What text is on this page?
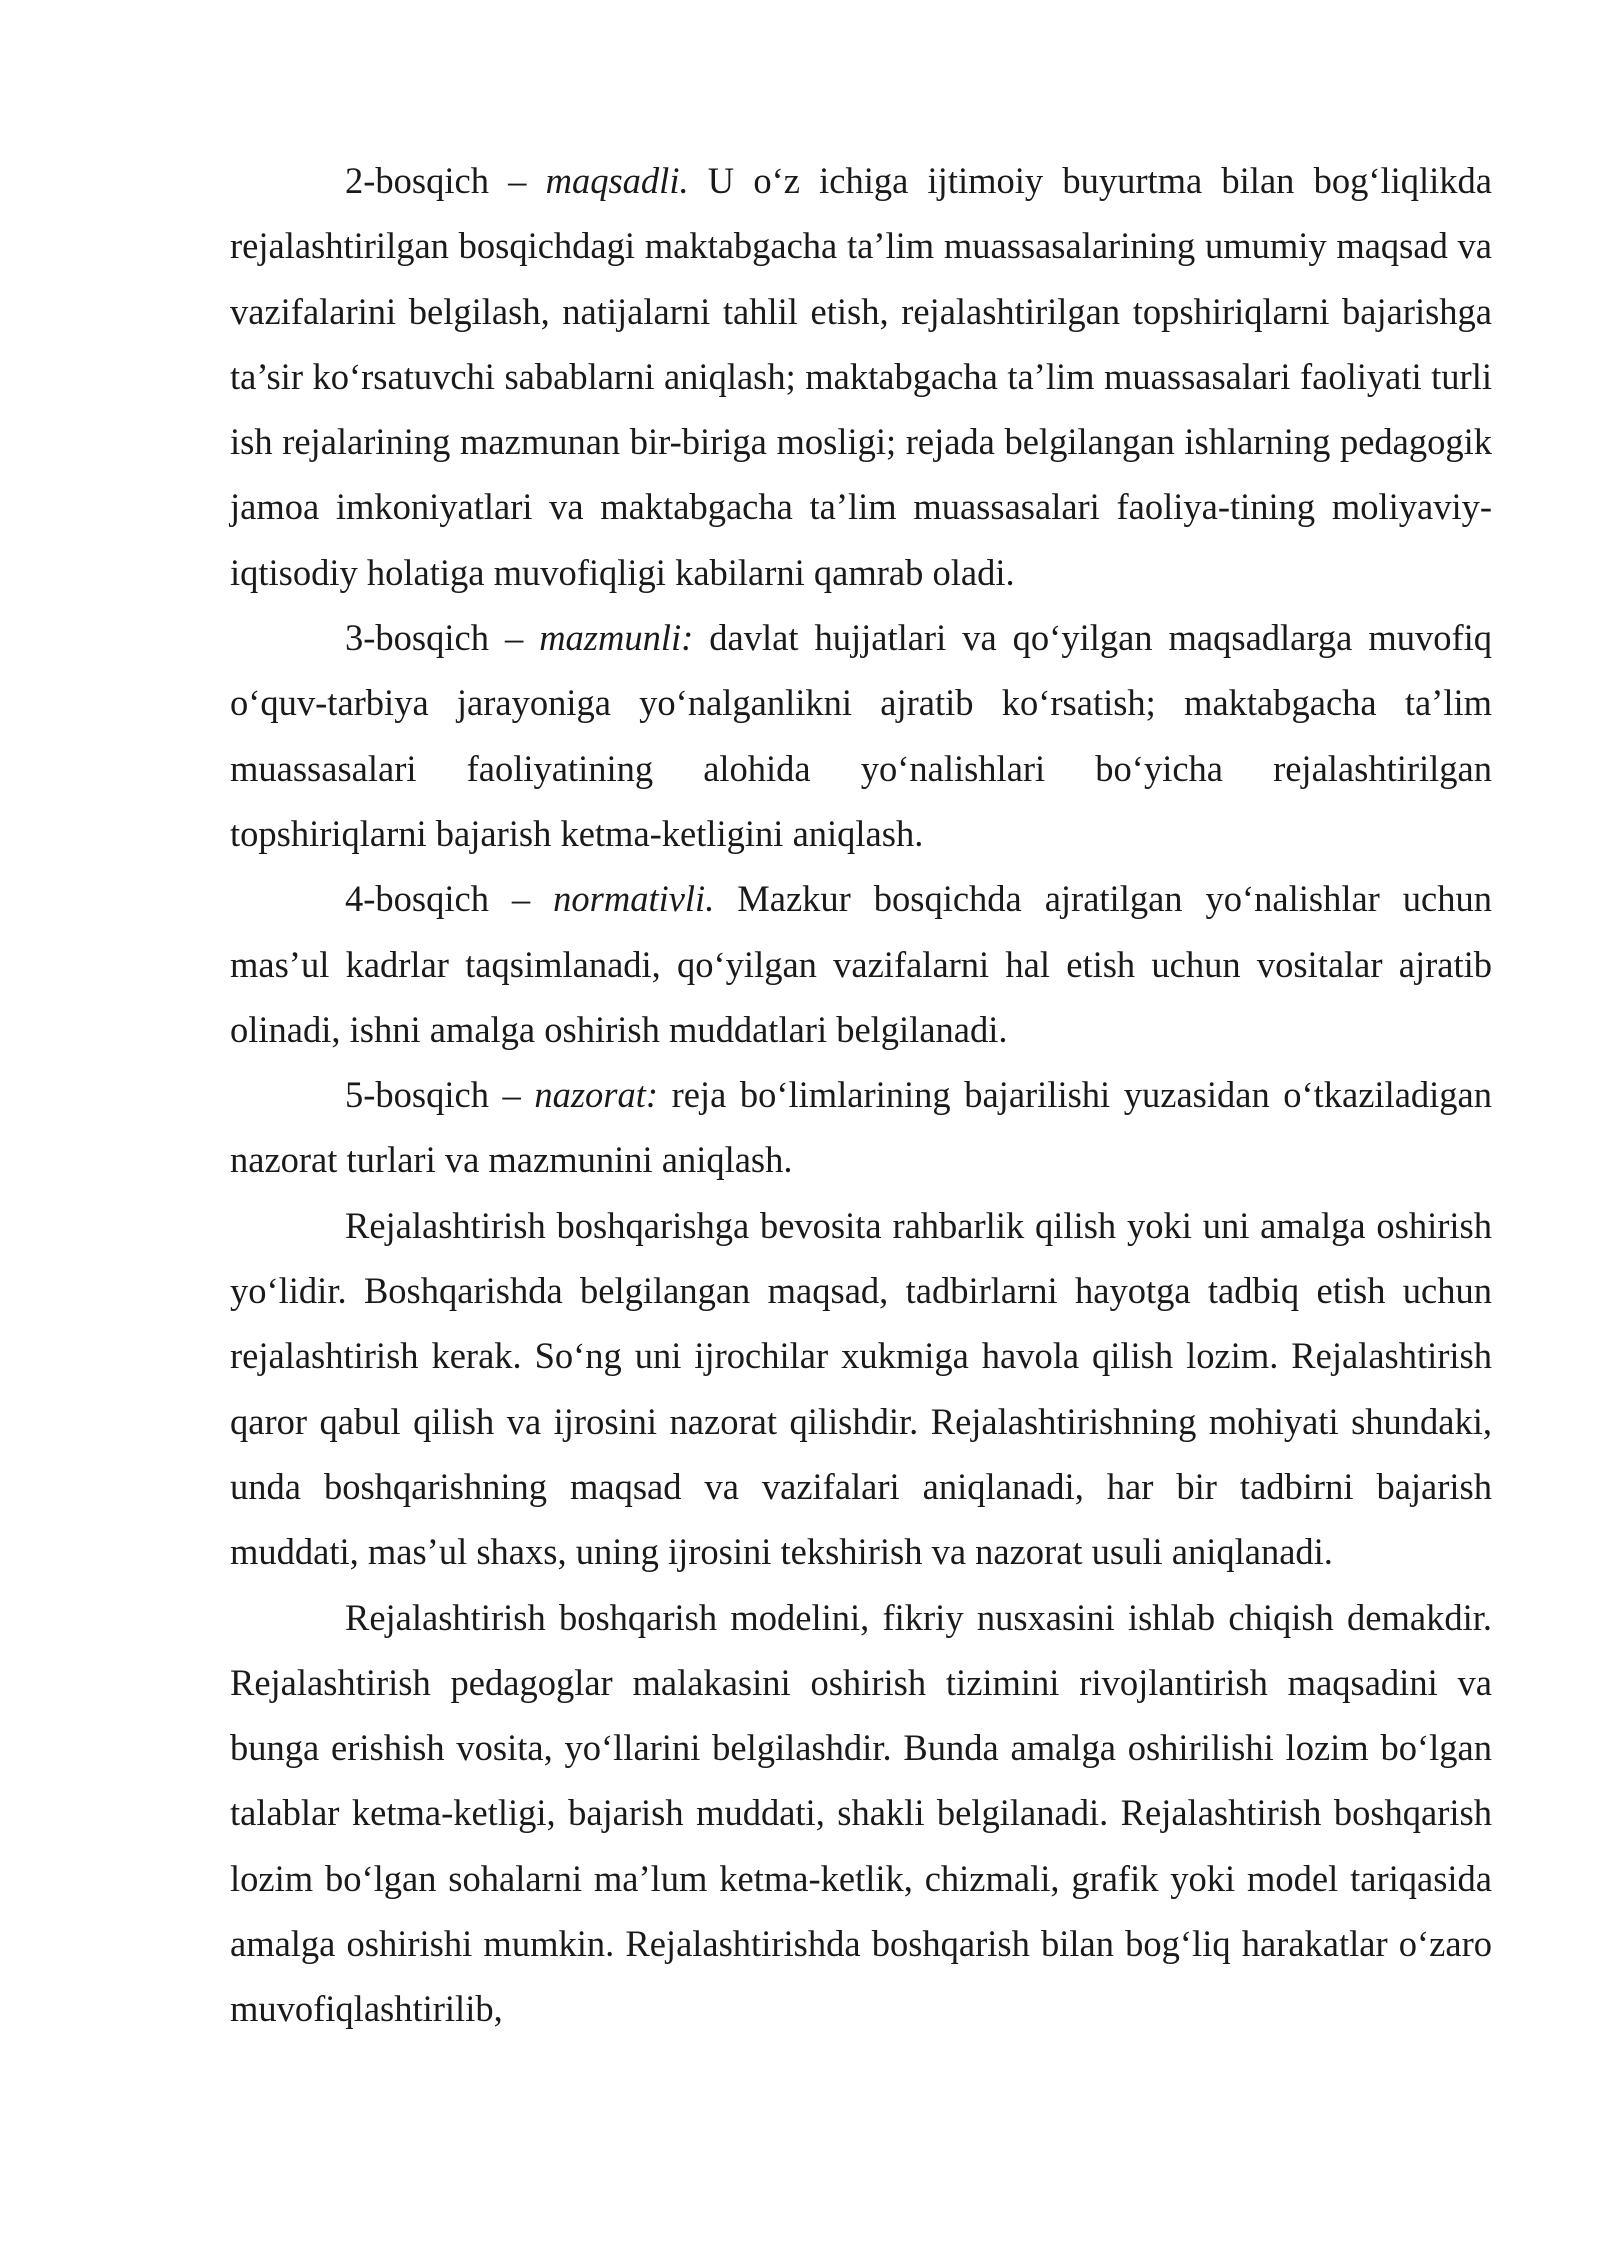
2-bosqich – maqsadli. U o‘z ichiga ijtimoiy buyurtma bilan bog‘liqlikda rejalashtirilgan bosqichdagi maktabgacha ta’lim muassasalarining umumiy maqsad va vazifalarini belgilash, natijalarni tahlil etish, rejalashtirilgan topshiriqlarni bajarishga ta’sir ko‘rsatuvchi sabablarni aniqlash; maktabgacha ta’lim muassasalari faoliyati turli ish rejalarining mazmunan bir-biriga mosligi; rejada belgilangan ishlarning pedagogik jamoa imkoniyatlari va maktabgacha ta’lim muassasalari faoliya-tining moliyaviy-iqtisodiy holatiga muvofiqligi kabilarni qamrab oladi.

3-bosqich – mazmunli: davlat hujjatlari va qo‘yilgan maqsadlarga muvofiq o‘quv-tarbiya jarayoniga yo‘nalganlikni ajratib ko‘rsatish; maktabgacha ta’lim muassasalari faoliyatining alohida yo‘nalishlari bo‘yicha rejalashtirilgan topshiriqlarni bajarish ketma-ketligini aniqlash.

4-bosqich – normativli. Mazkur bosqichda ajratilgan yo‘nalishlar uchun mas’ul kadrlar taqsimlanadi, qo‘yilgan vazifalarni hal etish uchun vositalar ajratib olinadi, ishni amalga oshirish muddatlari belgilanadi.

5-bosqich – nazorat: reja bo‘limlarining bajarilishi yuzasidan o‘tkaziladigan nazorat turlari va mazmunini aniqlash.

Rejalashtirish boshqarishga bevosita rahbarlik qilish yoki uni amalga oshirish yo‘lidir. Boshqarishda belgilangan maqsad, tadbirlarni hayotga tadbiq etish uchun rejalashtirish kerak. So‘ng uni ijrochilar xukmiga havola qilish lozim. Rejalashtirish qaror qabul qilish va ijrosini nazorat qilishdir. Rejalashtirishning mohiyati shundaki, unda boshqarishning maqsad va vazifalari aniqlanadi, har bir tadbirni bajarish muddati, mas’ul shaxs, uning ijrosini tekshirish va nazorat usuli aniqlanadi.

Rejalashtirish boshqarish modelini, fikriy nusxasini ishlab chiqish demakdir. Rejalashtirish pedagoglar malakasini oshirish tizimini rivojlantirish maqsadini va bunga erishish vosita, yo‘llarini belgilashdir. Bunda amalga oshirilishi lozim bo‘lgan talablar ketma-ketligi, bajarish muddati, shakli belgilanadi. Rejalashtirish boshqarish lozim bo‘lgan sohalarni ma’lum ketma-ketlik, chizmali, grafik yoki model tariqasida amalga oshirishi mumkin. Rejalashtirishda boshqarish bilan bog‘liq harakatlar o‘zaro muvofiqlashtirilib,
